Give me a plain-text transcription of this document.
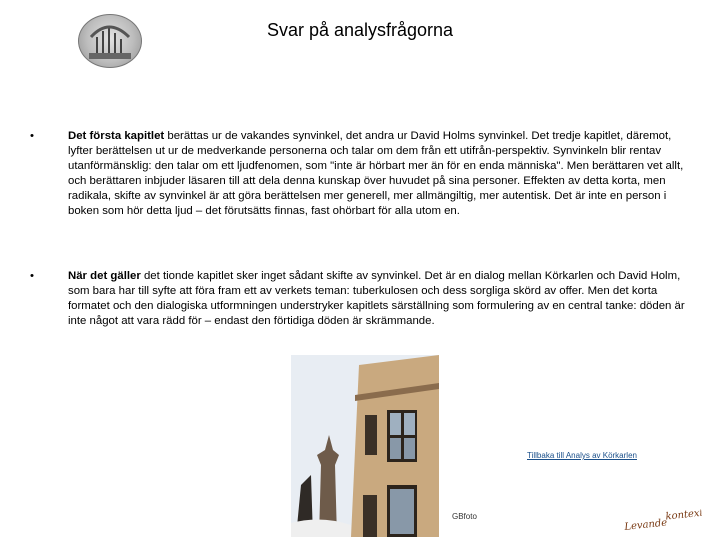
Svar på analysfrågorna
•	Det första kapitlet berättas ur de vakandes synvinkel, det andra ur David Holms synvinkel. Det tredje kapitlet, däremot, lyfter berättelsen ut ur de medverkande personerna och talar om dem från ett utifrån-perspektiv. Synvinkeln blir rentav utanförmänsklig: den talar om ett ljudfenomen, som "inte är hörbart mer än för en enda människa". Men berättaren vet allt, och berättaren inbjuder läsaren till att dela denna kunskap över huvudet på sina personer. Effekten av detta korta, men radikala, skifte av synvinkel är att göra berättelsen mer generell, mer allmängiltig, mer autentisk. Det är inte en person i boken som hör detta ljud – det förutsätts finnas, fast ohörbart för alla utom en.
•	När det gäller det tionde kapitlet sker inget sådant skifte av synvinkel. Det är en dialog mellan Körkarlen och David Holm, som bara har till syfte att föra fram ett av verkets teman: tuberkulosen och dess sorgliga skörd av offer. Men det korta formatet och den dialogiska utformningen understryker kapitlets särställning som formulering av en central tanke: döden är inte något att vara rädd för – endast den förtidiga döden är skrämmande.
Tillbaka till Analys av Körkarlen
GBfoto
Levande
kontext
